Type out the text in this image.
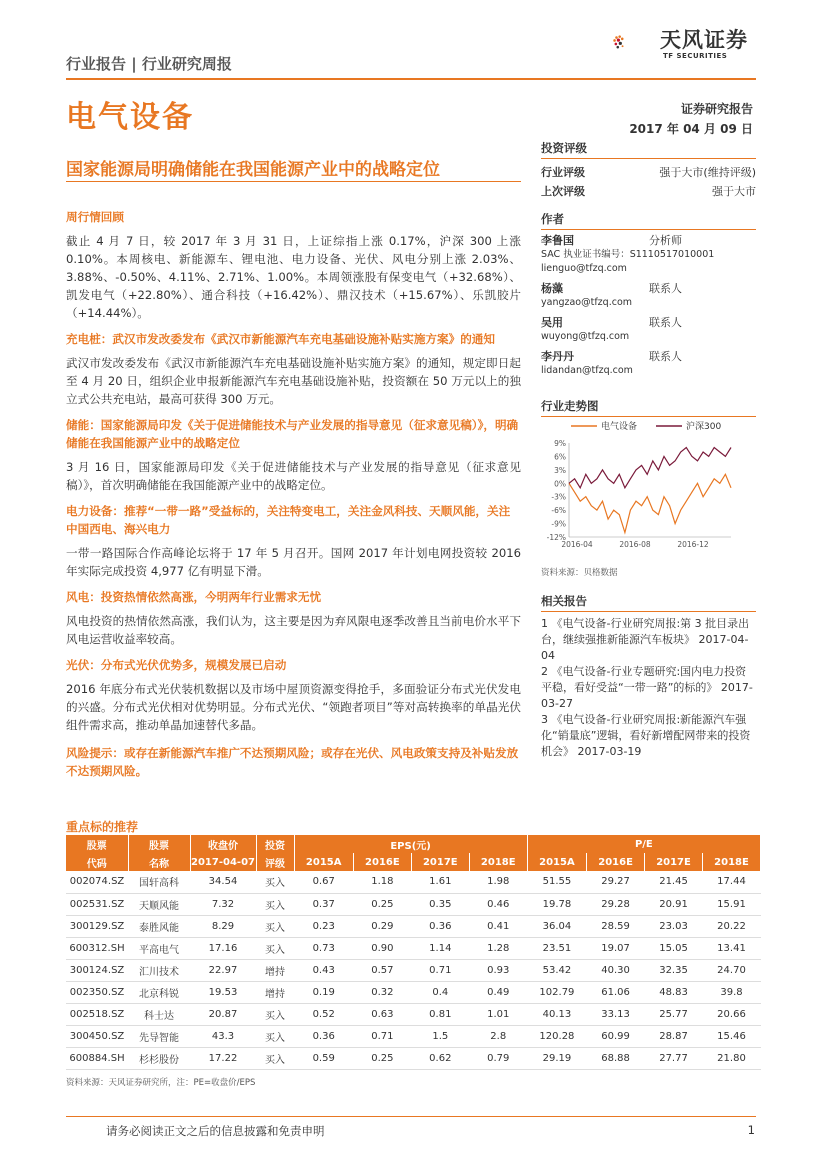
行业报告 | 行业研究周报
天风证券
TF SECURITIES
电气设备	证券研究报告
2017 年 04 月 09 日
国家能源局明确储能在我国能源产业中的战略定位
周行情回顾

截止 4 月 7 日，较 2017 年 3 月 31 日，上证综指上涨 0.17%，沪深 300 上涨 0.10%。本周核电、新能源车、锂电池、电力设备、光伏、风电分别上涨 2.03%、3.88%、-0.50%、4.11%、2.71%、1.00%。本周领涨股有保变电气（+32.68%）、凯发电气（+22.80%）、通合科技（+16.42%）、鼎汉技术（+15.67%）、乐凯胶片（+14.44%）。

充电桩：武汉市发改委发布《武汉市新能源汽车充电基础设施补贴实施方案》的通知

武汉市发改委发布《武汉市新能源汽车充电基础设施补贴实施方案》的通知，规定即日起至 4 月 20 日，组织企业申报新能源汽车充电基础设施补贴，投资额在 50 万元以上的独立式公共充电站，最高可获得 300 万元。

储能：国家能源局印发《关于促进储能技术与产业发展的指导意见（征求意见稿）》，明确储能在我国能源产业中的战略定位

3 月 16 日，国家能源局印发《关于促进储能技术与产业发展的指导意见（征求意见稿）》，首次明确储能在我国能源产业中的战略定位。

电力设备：推荐“一带一路”受益标的，关注特变电工，关注金风科技、天顺风能，关注中国西电、海兴电力

一带一路国际合作高峰论坛将于 17 年 5 月召开。国网 2017 年计划电网投资较 2016 年实际完成投资 4,977 亿有明显下滑。

风电：投资热情依然高涨，今明两年行业需求无忧

风电投资的热情依然高涨，我们认为，这主要是因为弃风限电逐季改善且当前电价水平下风电运营收益率较高。

光伏：分布式光伏优势多，规模发展已启动

2016 年底分布式光伏装机数据以及市场中屋顶资源变得抢手，多面验证分布式光伏发电的兴盛。分布式光伏相对优势明显。分布式光伏、“领跑者项目”等对高转换率的单晶光伏组件需求高，推动单晶加速替代多晶。

风险提示：或存在新能源汽车推广不达预期风险；或存在光伏、风电政策支持及补贴发放不达预期风险。
投资评级
行业评级	强于大市(维持评级)
上次评级	强于大市
作者
李鲁国	分析师
SAC 执业证书编号：S1110517010001
lienguo@tfzq.com
杨藻	联系人
yangzao@tfzq.com
吴用	联系人
wuyong@tfzq.com
李丹丹	联系人
lidandan@tfzq.com
行业走势图
电气设备	沪深300
9%
6%
3%
0%
-3%
-6%
-9%
-12%
2016-04	2016-08	2016-12
资料来源：贝格数据
相关报告

1 《电气设备-行业研究周报:第 3 批目录出台，继续强推新能源汽车板块》 2017-04-04

2 《电气设备-行业专题研究:国内电力投资平稳，看好受益“一带一路”的标的》 2017-03-27

3 《电气设备-行业研究周报:新能源汽车强化“销量底”逻辑，看好新增配网带来的投资机会》 2017-03-19

重点标的推荐
股票	股票	收盘价	投资	EPS(元)				P/E			
代码	名称	2017-04-07	评级	2015A	2016E	2017E	2018E	2015A	2016E	2017E	2018E
002074.SZ	国轩高科	34.54	买入	0.67	1.18	1.61	1.98	51.55	29.27	21.45	17.44
002531.SZ	天顺风能	7.32	买入	0.37	0.25	0.35	0.46	19.78	29.28	20.91	15.91
300129.SZ	泰胜风能	8.29	买入	0.23	0.29	0.36	0.41	36.04	28.59	23.03	20.22
600312.SH	平高电气	17.16	买入	0.73	0.90	1.14	1.28	23.51	19.07	15.05	13.41
300124.SZ	汇川技术	22.97	增持	0.43	0.57	0.71	0.93	53.42	40.30	32.35	24.70
002350.SZ	北京科锐	19.53	增持	0.19	0.32	0.4	0.49	102.79	61.06	48.83	39.8
002518.SZ	科士达	20.87	买入	0.52	0.63	0.81	1.01	40.13	33.13	25.77	20.66
300450.SZ	先导智能	43.3	买入	0.36	0.71	1.5	2.8	120.28	60.99	28.87	15.46
600884.SH	杉杉股份	17.22	买入	0.59	0.25	0.62	0.79	29.19	68.88	27.77	21.80
资料来源：天风证券研究所，注：PE=收盘价/EPS
请务必阅读正文之后的信息披露和免责申明	1
